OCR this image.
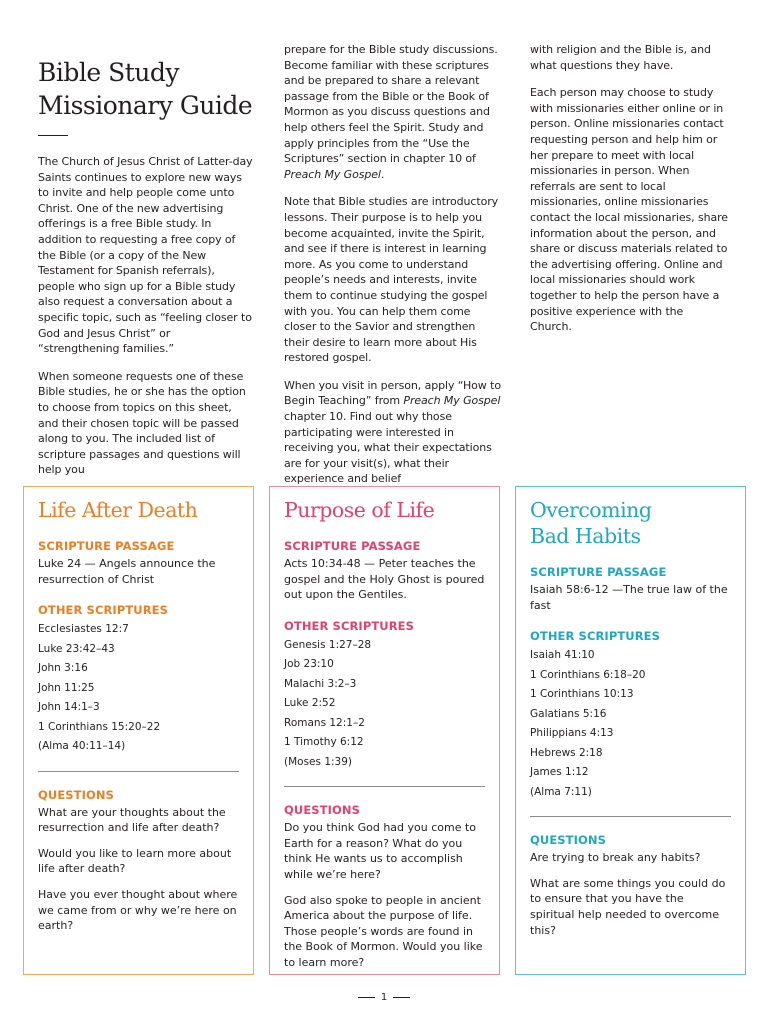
Bible Study Missionary Guide

The Church of Jesus Christ of Latter-day Saints continues to explore new ways to invite and help people come unto Christ. One of the new advertising offerings is a free Bible study. In addition to requesting a free copy of the Bible (or a copy of the New Testament for Spanish referrals), people who sign up for a Bible study also request a conversation about a specific topic, such as “feeling closer to God and Jesus Christ” or “strengthening families.”

When someone requests one of these Bible studies, he or she has the option to choose from topics on this sheet, and their chosen topic will be passed along to you. The included list of scripture passages and questions will help you

prepare for the Bible study discussions. Become familiar with these scriptures and be prepared to share a relevant passage from the Bible or the Book of Mormon as you discuss questions and help others feel the Spirit. Study and apply principles from the “Use the Scriptures” section in chapter 10 of Preach My Gospel.

Note that Bible studies are introductory lessons. Their purpose is to help you become acquainted, invite the Spirit, and see if there is interest in learning more. As you come to understand people’s needs and interests, invite them to continue studying the gospel with you. You can help them come closer to the Savior and strengthen their desire to learn more about His restored gospel.

When you visit in person, apply “How to Begin Teaching” from Preach My Gospel chapter 10. Find out why those participating were interested in receiving you, what their expectations are for your visit(s), what their experience and belief

with religion and the Bible is, and what questions they have.

Each person may choose to study with missionaries either online or in person. Online missionaries contact requesting person and help him or her prepare to meet with local missionaries in person. When referrals are sent to local missionaries, online missionaries contact the local missionaries, share information about the person, and share or discuss materials related to the advertising offering. Online and local missionaries should work together to help the person have a positive experience with the Church.

Life After Death
SCRIPTURE PASSAGE

Luke 24 — Angels announce the resurrection of Christ

OTHER SCRIPTURES
Ecclesiastes 12:7
Luke 23:42–43
John 3:16
John 11:25
John 14:1–3
1 Corinthians 15:20–22
(Alma 40:11–14)
QUESTIONS

What are your thoughts about the resurrection and life after death?

Would you like to learn more about life after death?

Have you ever thought about where we came from or why we’re here on earth?

Purpose of Life
SCRIPTURE PASSAGE

Acts 10:34-48 — Peter teaches the gospel and the Holy Ghost is poured out upon the Gentiles.

OTHER SCRIPTURES
Genesis 1:27–28
Job 23:10
Malachi 3:2–3
Luke 2:52
Romans 12:1–2
1 Timothy 6:12
(Moses 1:39)
QUESTIONS

Do you think God had you come to Earth for a reason? What do you think He wants us to accomplish while we’re here?

God also spoke to people in ancient America about the purpose of life. Those people’s words are found in the Book of Mormon. Would you like to learn more?

Overcoming Bad Habits
SCRIPTURE PASSAGE

Isaiah 58:6-12 —The true law of the fast

OTHER SCRIPTURES
Isaiah 41:10
1 Corinthians 6:18–20
1 Corinthians 10:13
Galatians 5:16
Philippians 4:13
Hebrews 2:18
James 1:12
(Alma 7:11)
QUESTIONS

Are trying to break any habits?

What are some things you could do to ensure that you have the spiritual help needed to overcome this?

1
